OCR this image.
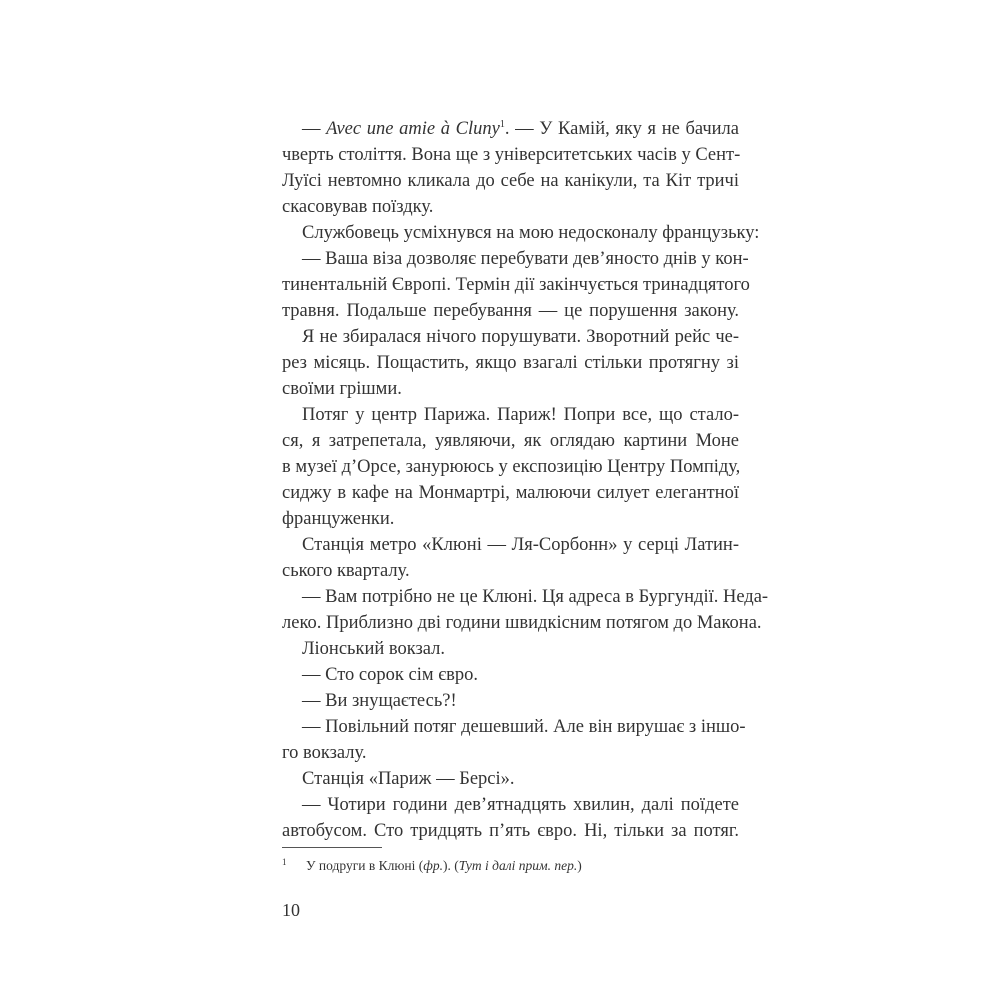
— Avec une amie à Cluny$^1$. — У Камій, яку я не бачила
чверть століття. Вона ще з університетських часів у Сент-
Луїсі невтомно кликала до себе на канікули, та Кіт тричі
скасовував поїздку.
Службовець усміхнувся на мою недосконалу французьку:
— Ваша віза дозволяє перебувати дев’яносто днів у кон-
тинентальній Європі. Термін дії закінчується тринадцятого
травня. Подальше перебування — це порушення закону.
Я не збиралася нічого порушувати. Зворотний рейс че-
рез місяць. Пощастить, якщо взагалі стільки протягну зі
своїми грішми.
Потяг у центр Парижа. Париж! Попри все, що стало-
ся, я затрепетала, уявляючи, як оглядаю картини Моне
в музеї д’Орсе, занурююсь у експозицію Центру Помпіду,
сиджу в кафе на Монмартрі, малюючи силует елегантної
француженки.
Станція метро «Клюні — Ля-Сорбонн» у серці Латин-
ського кварталу.
— Вам потрібно не це Клюні. Ця адреса в Бургундії. Неда-
леко. Приблизно дві години швидкісним потягом до Макона.
Ліонський вокзал.
— Сто сорок сім євро.
— Ви знущаєтесь?!
— Повільний потяг дешевший. Але він вирушає з іншо-
го вокзалу.
Станція «Париж — Берсі».
— Чотири години дев’ятнадцять хвилин, далі поїдете
автобусом. Сто тридцять п’ять євро. Ні, тільки за потяг.
1 У подруги в Клюні (фр.). (Тут і далі прим. пер.)
10
